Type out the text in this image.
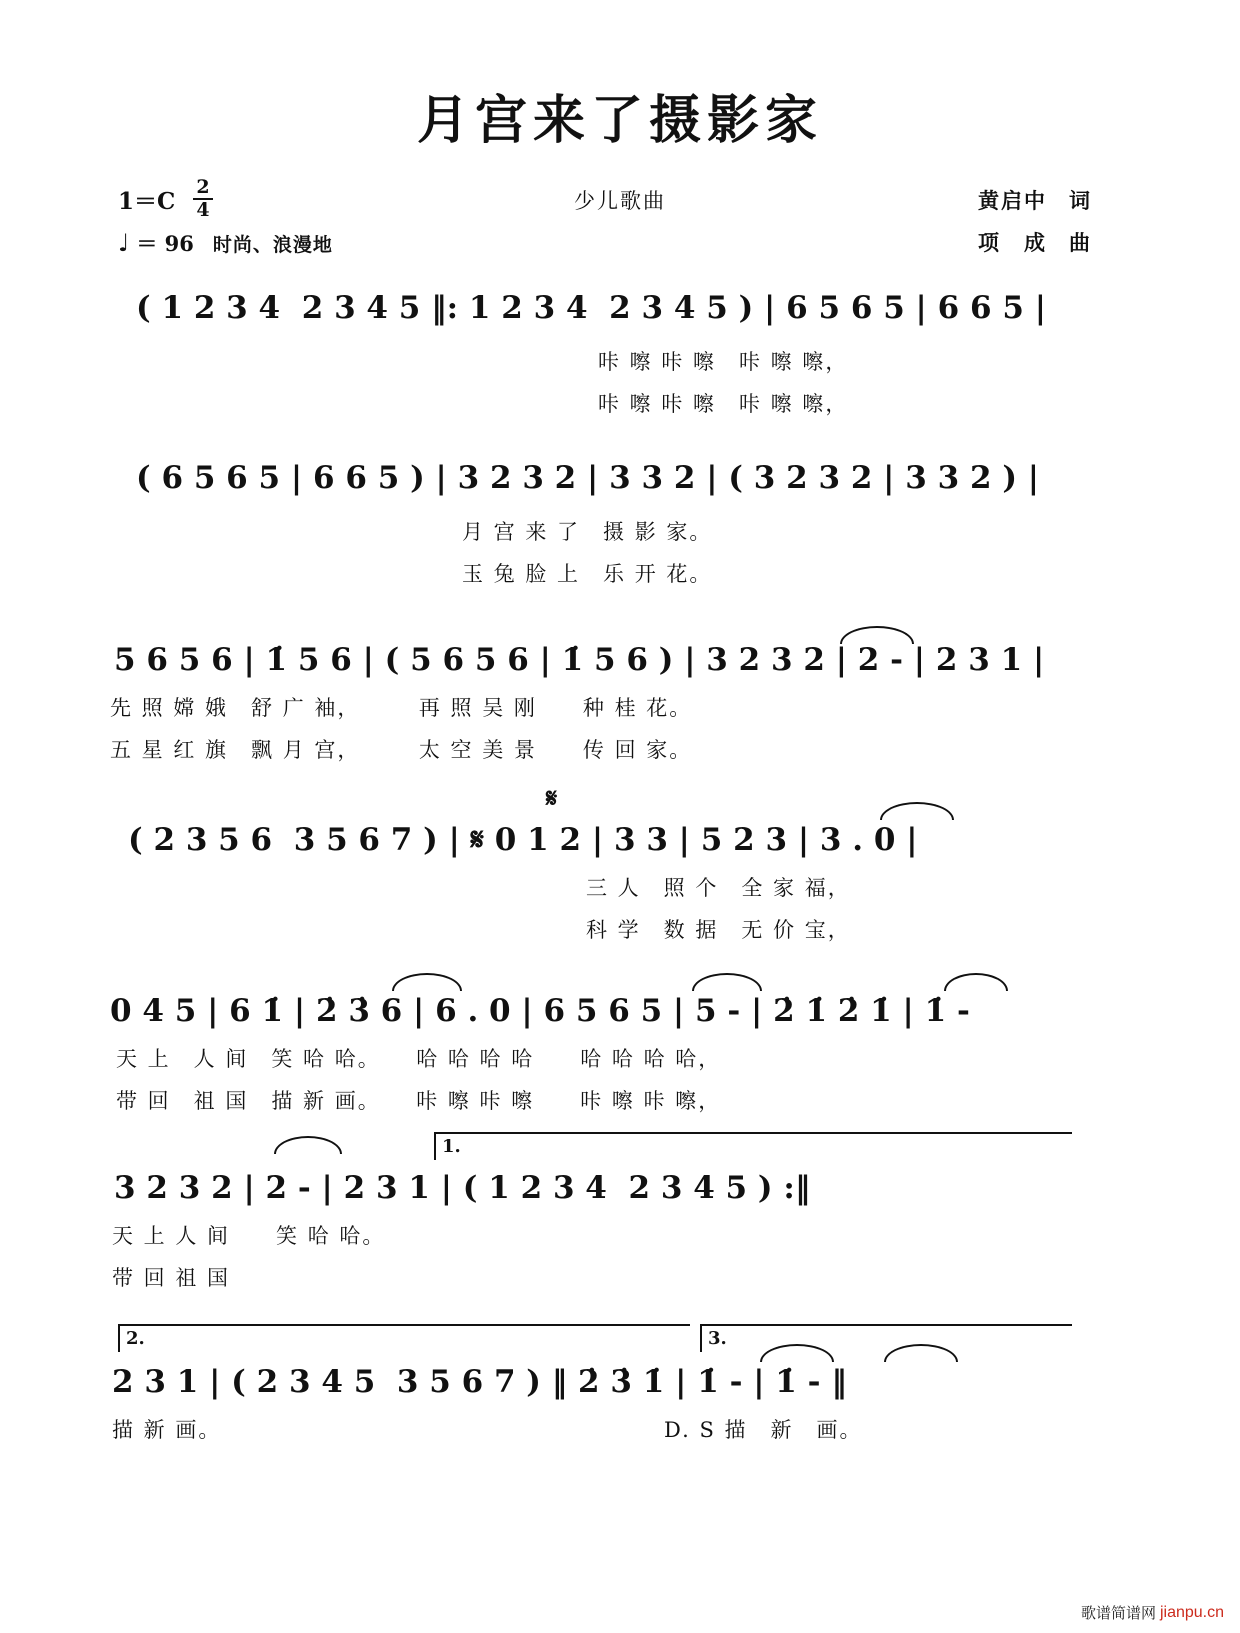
月宫来了摄影家
$1=C \frac{2}{4}$
♩ ＝ 96 时尚、浪漫地
少儿歌曲	黄启中 词
项　成 曲
( 1 2 3 4  2 3 4 5 ‖: 1 2 3 4  2 3 4 5 ) | 6 5 6 5 | 6 6 5 |
咔 嚓 咔 嚓　咔 嚓 嚓，
咔 嚓 咔 嚓　咔 嚓 嚓，
( 6 5 6 5 | 6 6 5 ) | 3 2 3 2 | 3 3 2 | ( 3 2 3 2 | 3 3 2 ) |
月 宫 来 了　摄 影 家。
玉 兔 脸 上　乐 开 花。
5 6 5 6 | 1̇ 5 6 | ( 5 6 5 6 | 1̇ 5 6 ) | 3 2 3 2 | 2 - | 2 3 1 |
先 照 嫦 娥　舒 广 袖，　　　再 照 吴 刚　　种 桂 花。
五 星 红 旗　飘 月 宫，　　　太 空 美 景　　传 回 家。
𝄋
( 2 3 5 6  3 5 6 7 ) | 𝄋 0 1 2 | 3 3 | 5 2 3 | 3 . 0 |
三 人　照 个　全 家 福，
科 学　数 据　无 价 宝，
0 4 5 | 6 1̇ | 2̇ 3̇ 6 | 6 . 0 | 6 5 6 5 | 5 - | 2̇ 1̇ 2̇ 1̇ | 1̇ -
天 上　人 间　笑 哈 哈。　　哈 哈 哈 哈　　哈 哈 哈 哈，
带 回　祖 国　描 新 画。　　咔 嚓 咔 嚓　　咔 嚓 咔 嚓，
1.
3 2 3 2 | 2 - | 2 3 1 | ( 1 2 3 4  2 3 4 5 ) :‖
天 上 人 间　　笑 哈 哈。
带 回 祖 国
2.	3.
2 3 1 | ( 2 3 4 5  3 5 6 7 ) ‖ 2̇ 3̇ 1̇ | 1̇ - | 1̇ - ‖
描 新 画。	D. S 描　新　画。
歌谱简谱网 jianpu.cn
